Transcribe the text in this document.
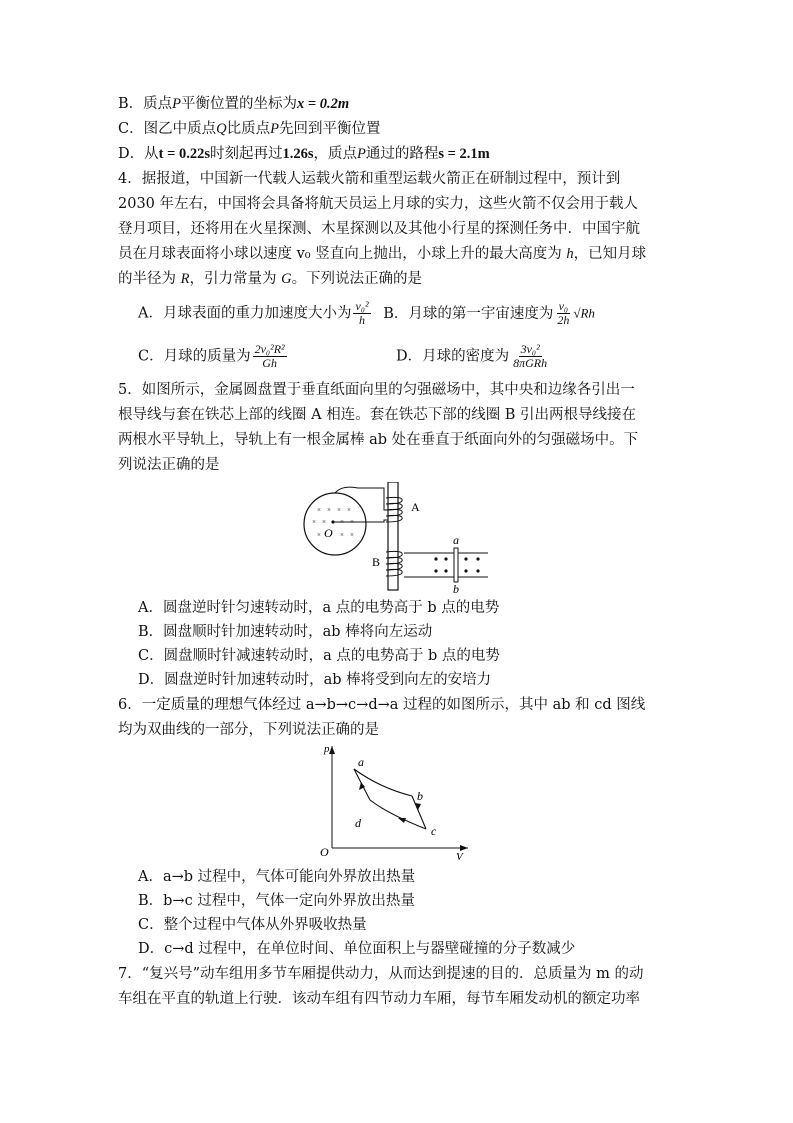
B．质点P平衡位置的坐标为x = 0.2m
C．图乙中质点Q比质点P先回到平衡位置
D．从t = 0.22s时刻起再过1.26s，质点P通过的路程s = 2.1m
4．据报道，中国新一代载人运载火箭和重型运载火箭正在研制过程中，预计到
2030 年左右，中国将会具备将航天员运上月球的实力，这些火箭不仅会用于载人
登月项目，还将用在火星探测、木星探测以及其他小行星的探测任务中．中国宇航
员在月球表面将小球以速度 v₀ 竖直向上抛出，小球上升的最大高度为 h，已知月球
的半径为 R，引力常量为 G。下列说法正确的是
A．月球表面的重力加速度大小为 $\frac{\text{v₀²}}{h}$ B．月球的第一宇宙速度为 $\frac{\text{v₀}}{2h} √Rh$
C．月球的质量为 $\frac{\text{2v₀²R²}}{Gh}$	D．月球的密度为 $\frac{\text{3v₀²}}{\text{8πGRh}}$
5．如图所示，金属圆盘置于垂直纸面向里的匀强磁场中，其中央和边缘各引出一
根导线与套在铁芯上部的线圈 A 相连。套在铁芯下部的线圈 B 引出两根导线接在
两根水平导轨上，导轨上有一根金属棒 ab 处在垂直于纸面向外的匀强磁场中。下
列说法正确的是
× × × ×
× × × ×
×	× ×
O
A
B
a
b
A．圆盘逆时针匀速转动时，a 点的电势高于 b 点的电势
B．圆盘顺时针加速转动时，ab 棒将向左运动
C．圆盘顺时针减速转动时，a 点的电势高于 b 点的电势
D．圆盘逆时针加速转动时，ab 棒将受到向左的安培力
6．一定质量的理想气体经过 a→b→c→d→a 过程的如图所示，其中 ab 和 cd 图线
均为双曲线的一部分，下列说法正确的是
p
V
O
a
b
c
d
A．a→b 过程中，气体可能向外界放出热量
B．b→c 过程中，气体一定向外界放出热量
C．整个过程中气体从外界吸收热量
D．c→d 过程中，在单位时间、单位面积上与器壁碰撞的分子数减少
7．“复兴号”动车组用多节车厢提供动力，从而达到提速的目的．总质量为 m 的动
车组在平直的轨道上行驶．该动车组有四节动力车厢，每节车厢发动机的额定功率
